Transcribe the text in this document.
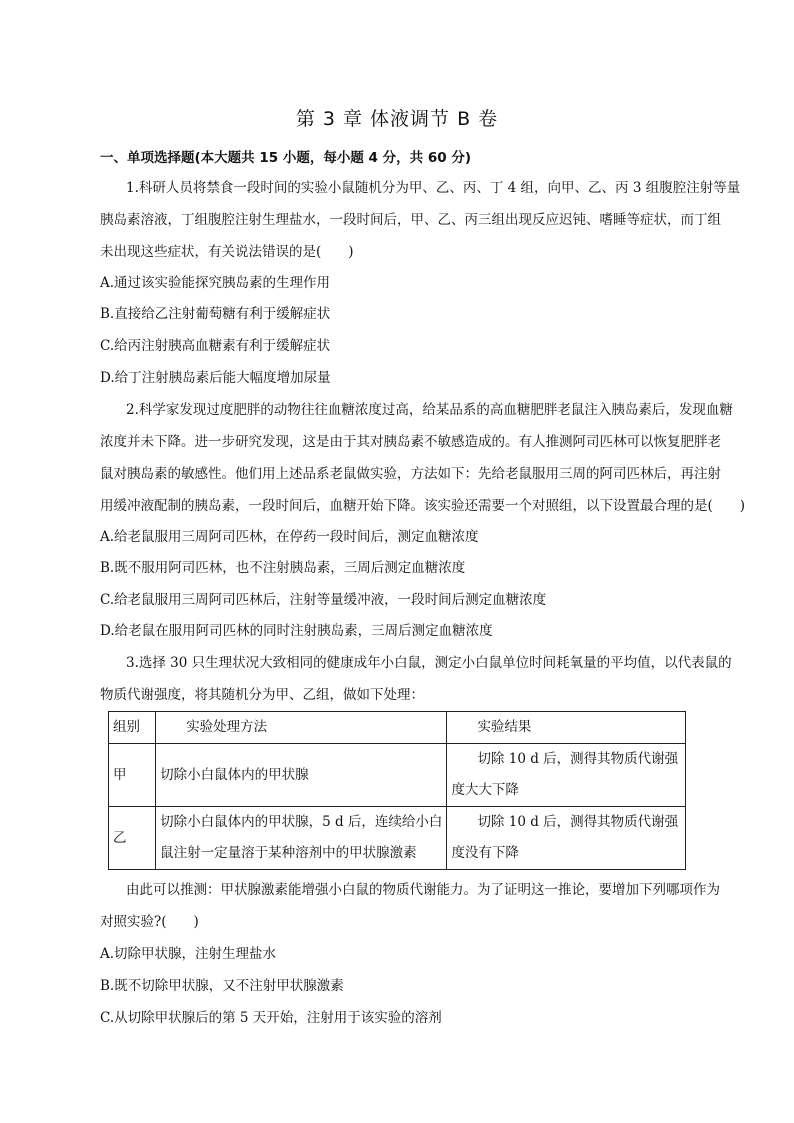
第 3 章 体液调节 B 卷
一、单项选择题(本大题共 15 小题，每小题 4 分，共 60 分)
1.科研人员将禁食一段时间的实验小鼠随机分为甲、乙、丙、丁 4 组，向甲、乙、丙 3 组腹腔注射等量
胰岛素溶液，丁组腹腔注射生理盐水，一段时间后，甲、乙、丙三组出现反应迟钝、嗜睡等症状，而丁组
未出现这些症状，有关说法错误的是(　　)
A.通过该实验能探究胰岛素的生理作用
B.直接给乙注射葡萄糖有利于缓解症状
C.给丙注射胰高血糖素有利于缓解症状
D.给丁注射胰岛素后能大幅度增加尿量
2.科学家发现过度肥胖的动物往往血糖浓度过高，给某品系的高血糖肥胖老鼠注入胰岛素后，发现血糖
浓度并未下降。进一步研究发现，这是由于其对胰岛素不敏感造成的。有人推测阿司匹林可以恢复肥胖老
鼠对胰岛素的敏感性。他们用上述品系老鼠做实验，方法如下：先给老鼠服用三周的阿司匹林后，再注射
用缓冲液配制的胰岛素，一段时间后，血糖开始下降。该实验还需要一个对照组，以下设置最合理的是(　　)
A.给老鼠服用三周阿司匹林，在停药一段时间后，测定血糖浓度
B.既不服用阿司匹林，也不注射胰岛素，三周后测定血糖浓度
C.给老鼠服用三周阿司匹林后，注射等量缓冲液，一段时间后测定血糖浓度
D.给老鼠在服用阿司匹林的同时注射胰岛素，三周后测定血糖浓度
3.选择 30 只生理状况大致相同的健康成年小白鼠，测定小白鼠单位时间耗氧量的平均值，以代表鼠的
物质代谢强度，将其随机分为甲、乙组，做如下处理：
组别	实验处理方法	实验结果
甲	切除小白鼠体内的甲状腺	切除 10 d 后，测得其物质代谢强
度大大下降

乙	切除小白鼠体内的甲状腺，5 d 后，连续给小白
鼠注射一定量溶于某种溶剂中的甲状腺激素	切除 10 d 后，测得其物质代谢强
度没有下降
由此可以推测：甲状腺激素能增强小白鼠的物质代谢能力。为了证明这一推论，要增加下列哪项作为
对照实验?(　　)
A.切除甲状腺，注射生理盐水
B.既不切除甲状腺，又不注射甲状腺激素
C.从切除甲状腺后的第 5 天开始，注射用于该实验的溶剂
